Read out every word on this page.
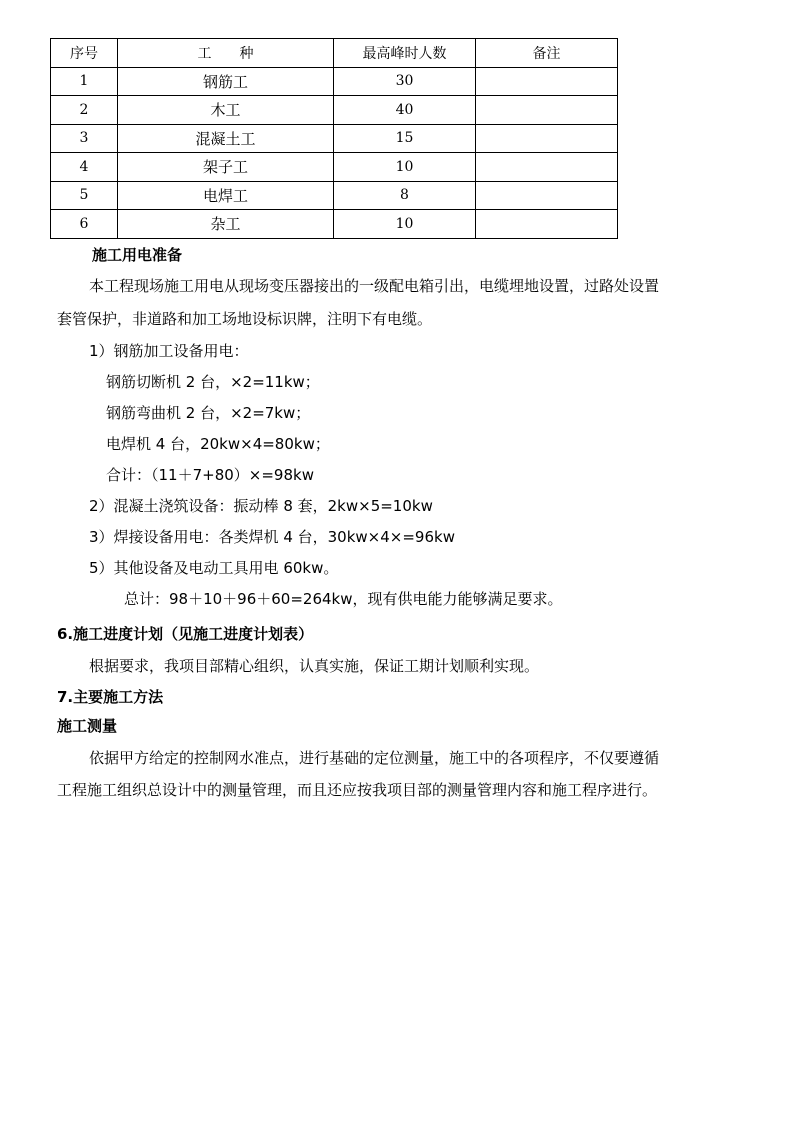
序号	工　　种	最高峰时人数	备注
1	钢筋工	30	
2	木工	40	
3	混凝土工	15	
4	架子工	10	
5	电焊工	8	
6	杂工	10	
施工用电准备
本工程现场施工用电从现场变压器接出的一级配电箱引出，电缆埋地设置，过路处设置
套管保护，非道路和加工场地设标识牌，注明下有电缆。
1）钢筋加工设备用电：
钢筋切断机 2 台，×2=11kw；
钢筋弯曲机 2 台，×2=7kw；
电焊机 4 台，20kw×4=80kw；
合计：（11＋7+80）×=98kw
2）混凝土浇筑设备：振动棒 8 套，2kw×5=10kw
3）焊接设备用电：各类焊机 4 台，30kw×4×=96kw
5）其他设备及电动工具用电 60kw。
总计：98＋10＋96＋60=264kw，现有供电能力能够满足要求。
6.施工进度计划（见施工进度计划表）
根据要求，我项目部精心组织，认真实施，保证工期计划顺利实现。
7.主要施工方法
施工测量
依据甲方给定的控制网水准点，进行基础的定位测量，施工中的各项程序，不仅要遵循
工程施工组织总设计中的测量管理，而且还应按我项目部的测量管理内容和施工程序进行。
